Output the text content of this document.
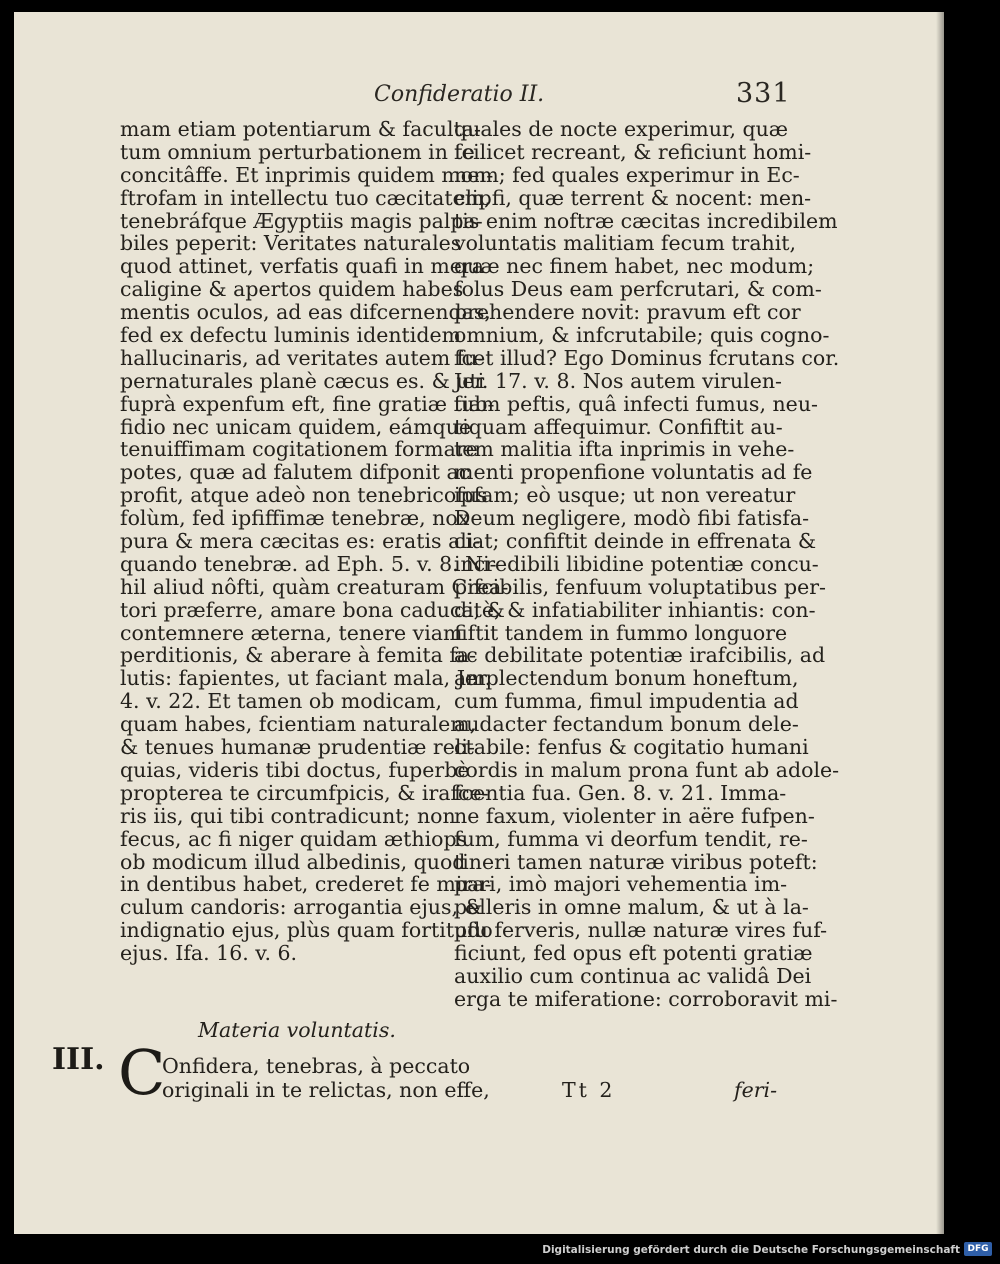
Confideratio II.	331
mam etiam potentiarum & faculta-
tum omnium perturbationem in te
concitâffe. Et inprimis quidem mon-
ftrofam in intellectu tuo cæcitatem,
tenebráfque Ægyptiis magis palpa-
biles peperit: Veritates naturales
quod attinet, verfatis quafi in mera
caligine & apertos quidem habes
mentis oculos, ad eas difcernendas,
fed ex defectu luminis identidem
hallucinaris, ad veritates autem fu-
pernaturales planè cæcus es. & uti
fuprà expenfum eft, fine gratiæ fub-
fidio nec unicam quidem, eámque
tenuiffimam cogitationem formare
potes, quæ ad falutem difponit ac
profit, atque adeò non tenebricofus
folùm, fed ipfiffimæ tenebræ, nox
pura & mera cæcitas es: eratis ali-
quando tenebræ. ad Eph. 5. v. 8. Ni-
hil aliud nôfti, quàm creaturam Crea-
tori præferre, amare bona caduca, &
contemnere æterna, tenere viam
perditionis, & aberare à femita fa-
lutis: fapientes, ut faciant mala, Jer.
4. v. 22. Et tamen ob modicam,
quam habes, fcientiam naturalem,
& tenues humanæ prudentiæ reli-
quias, videris tibi doctus, fuperbè
propterea te circumfpicis, & irafce-
ris iis, qui tibi contradicunt; non
fecus, ac fi niger quidam æthiops
ob modicum illud albedinis, quod
in dentibus habet, crederet fe mira-
culum candoris: arrogantia ejus, &
indignatio ejus, plùs quam fortitudo
ejus. Ifa. 16. v. 6.
quales de nocte experimur, quæ
fcilicet recreant, & reficiunt homi-
nem; fed quales experimur in Ec-
clipfi, quæ terrent & nocent: men-
tis enim noftræ cæcitas incredibilem
voluntatis malitiam fecum trahit,
quæ nec finem habet, nec modum;
folus Deus eam perfcrutari, & com-
prehendere novit: pravum eft cor
omnium, & infcrutabile; quis cogno-
fcet illud? Ego Dominus fcrutans cor.
Jer. 17. v. 8. Nos autem virulen-
tiam peftis, quâ infecti fumus, neu-
tiquam affequimur. Confiftit au-
tem malitia ifta inprimis in vehe-
menti propenfione voluntatis ad fe
ipfam; eò usque; ut non vereatur
Deum negligere, modò fibi fatisfa-
ciat; confiftit deinde in effrenata &
incredibili libidine potentiæ concu-
pifcibilis, fenfuum voluptatibus per-
ditè, & infatiabiliter inhiantis: con-
fiftit tandem in fummo longuore
ac debilitate potentiæ irafcibilis, ad
amplectendum bonum honeftum,
cum fumma, fimul impudentia ad
audacter fectandum bonum dele-
ctabile: fenfus & cogitatio humani
cordis in malum prona funt ab adole-
fcentia fua. Gen. 8. v. 21. Imma-
ne faxum, violenter in aëre fufpen-
fum, fumma vi deorfum tendit, re-
tineri tamen naturæ viribus poteft:
pari, imò majori vehementia im-
pelleris in omne malum, & ut à la-
pfu ferveris, nullæ naturæ vires fuf-
ficiunt, fed opus eft potenti gratiæ
auxilio cum continua ac validâ Dei
erga te miferatione: corroboravit mi-
Materia voluntatis.
III. C
Onfidera, tenebras, à peccato
originali in te relictas, non effe,	Tt 2	feri-
Digitalisierung gefördert durch die Deutsche Forschungsgemeinschaft DFG
